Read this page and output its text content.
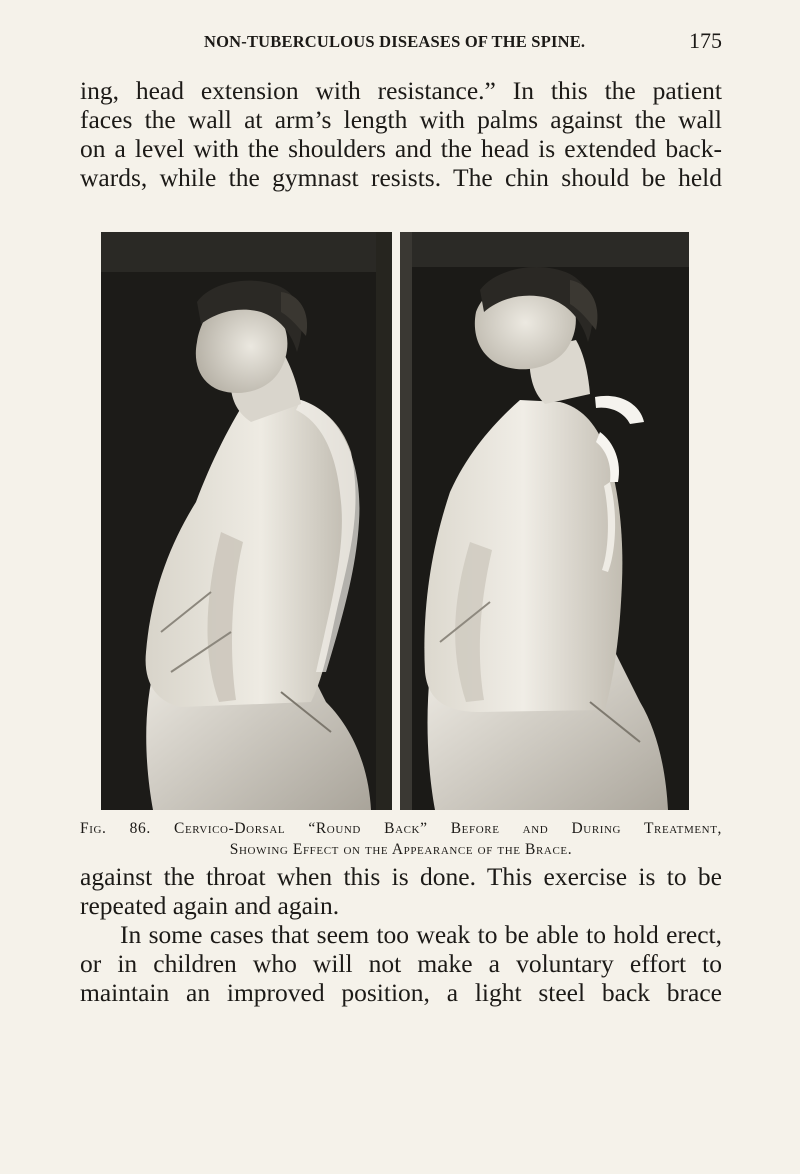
NON-TUBERCULOUS DISEASES OF THE SPINE.	175

ing, head extension with resistance.” In this the patient
faces the wall at arm’s length with palms against the wall
on a level with the shoulders and the head is extended back-
wards, while the gymnast resists. The chin should be held

Fig. 86. Cervico-Dorsal “Round Back” Before and During Treatment,
Showing Effect on the Appearance of the Brace.

against the throat when this is done. This exercise is to be
repeated again and again.

In some cases that seem too weak to be able to hold erect,
or in children who will not make a voluntary effort to
maintain an improved position, a light steel back brace
